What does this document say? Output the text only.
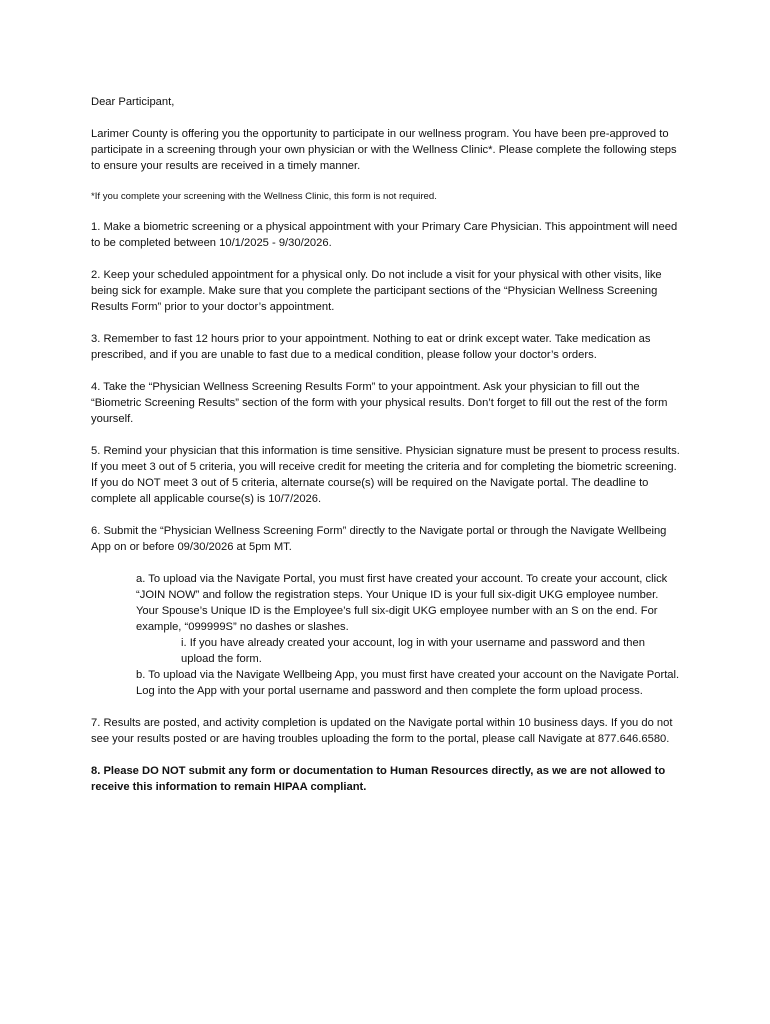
Dear Participant,

Larimer County is offering you the opportunity to participate in our wellness program. You have been pre-approved to participate in a screening through your own physician or with the Wellness Clinic*. Please complete the following steps to ensure your results are received in a timely manner.

*If you complete your screening with the Wellness Clinic, this form is not required.

1. Make a biometric screening or a physical appointment with your Primary Care Physician. This appointment will need to be completed between 10/1/2025 - 9/30/2026.

2. Keep your scheduled appointment for a physical only. Do not include a visit for your physical with other visits, like being sick for example. Make sure that you complete the participant sections of the “Physician Wellness Screening Results Form” prior to your doctor’s appointment.

3. Remember to fast 12 hours prior to your appointment. Nothing to eat or drink except water. Take medication as prescribed, and if you are unable to fast due to a medical condition, please follow your doctor’s orders.

4. Take the “Physician Wellness Screening Results Form” to your appointment. Ask your physician to fill out the “Biometric Screening Results” section of the form with your physical results. Don’t forget to fill out the rest of the form yourself.

5. Remind your physician that this information is time sensitive. Physician signature must be present to process results. If you meet 3 out of 5 criteria, you will receive credit for meeting the criteria and for completing the biometric screening. If you do NOT meet 3 out of 5 criteria, alternate course(s) will be required on the Navigate portal. The deadline to complete all applicable course(s) is 10/7/2026.

6. Submit the “Physician Wellness Screening Form” directly to the Navigate portal or through the Navigate Wellbeing App on or before 09/30/2026 at 5pm MT.

a. To upload via the Navigate Portal, you must first have created your account. To create your account, click “JOIN NOW” and follow the registration steps. Your Unique ID is your full six-digit UKG employee number. Your Spouse’s Unique ID is the Employee’s full six-digit UKG employee number with an S on the end. For example, “099999S” no dashes or slashes.

i. If you have already created your account, log in with your username and password and then upload the form.

b. To upload via the Navigate Wellbeing App, you must first have created your account on the Navigate Portal. Log into the App with your portal username and password and then complete the form upload process.

7. Results are posted, and activity completion is updated on the Navigate portal within 10 business days. If you do not see your results posted or are having troubles uploading the form to the portal, please call Navigate at 877.646.6580.

8. Please DO NOT submit any form or documentation to Human Resources directly, as we are not allowed to receive this information to remain HIPAA compliant.
